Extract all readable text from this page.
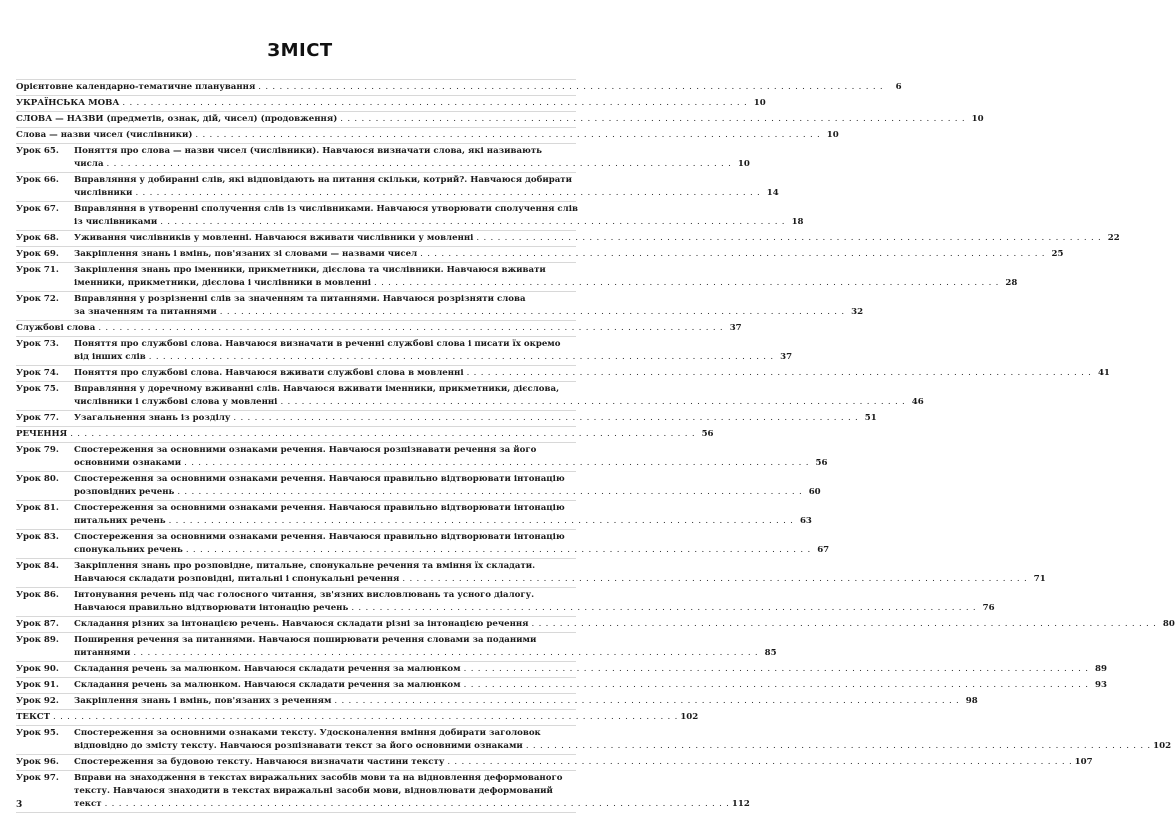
ЗМІСТ
Орієнтовне календарно-тематичне планування . . .	6
УКРАЇНСЬКА МОВА . . .	10
СЛОВА — НАЗВИ (предметів, ознак, дій, чисел) (продовження) . . .	10
Слова — назви чисел (числівники) . . .	10
Урок 65.	Поняття про слова — назви чисел (числівники). Навчаюся визначати слова, які називають
числа . . .	10
Урок 66.	Вправляння у добиранні слів, які відповідають на питання скільки, котрий?. Навчаюся добирати
числівники . . .	14
Урок 67.	Вправляння в утворенні сполучення слів із числівниками. Навчаюся утворювати сполучення слів
із числівниками . . .	18
Урок 68.	Уживання числівників у мовленні. Навчаюся вживати числівники у мовленні . . .	22
Урок 69.	Закріплення знань і вмінь, пов'язаних зі словами — назвами чисел . . .	25
Урок 71.	Закріплення знань про іменники, прикметники, дієслова та числівники. Навчаюся вживати
іменники, прикметники, дієслова і числівники в мовленні . . .	28
Урок 72.	Вправляння у розрізненні слів за значенням та питаннями. Навчаюся розрізняти слова
за значенням та питаннями . . .	32
Службові слова . . .	37
Урок 73.	Поняття про службові слова. Навчаюся визначати в реченні службові слова і писати їх окремо
від інших слів . . .	37
Урок 74.	Поняття про службові слова. Навчаюся вживати службові слова в мовленні . . .	41
Урок 75.	Вправляння у доречному вживанні слів. Навчаюся вживати іменники, прикметники, дієслова,
числівники і службові слова у мовленні . . .	46
Урок 77.	Узагальнення знань із розділу . . .	51
РЕЧЕННЯ . . .	56
Урок 79.	Спостереження за основними ознаками речення. Навчаюся розпізнавати речення за його
основними ознаками . . .	56
Урок 80.	Спостереження за основними ознаками речення. Навчаюся правильно відтворювати інтонацію
розповідних речень . . .	60
Урок 81.	Спостереження за основними ознаками речення. Навчаюся правильно відтворювати інтонацію
питальних речень . . .	63
Урок 83.	Спостереження за основними ознаками речення. Навчаюся правильно відтворювати інтонацію
спонукальних речень . . .	67
Урок 84.	Закріплення знань про розповідне, питальне, спонукальне речення та вміння їх складати.
Навчаюся складати розповідні, питальні і спонукальні речення . . .	71
Урок 86.	Інтонування речень під час голосного читання, зв'язних висловлювань та усного діалогу.
Навчаюся правильно відтворювати інтонацію речень . . .	76
Урок 87.	Складання різних за інтонацією речень. Навчаюся складати різні за інтонацією речення . . .	80
Урок 89.	Поширення речення за питаннями. Навчаюся поширювати речення словами за поданими
питаннями . . .	85
Урок 90.	Складання речень за малюнком. Навчаюся складати речення за малюнком . . .	89
Урок 91.	Складання речень за малюнком. Навчаюся складати речення за малюнком . . .	93
Урок 92.	Закріплення знань і вмінь, пов'язаних з реченням . . .	98
ТЕКСТ . . .	102
Урок 95.	Спостереження за основними ознаками тексту. Удосконалення вміння добирати заголовок
відповідно до змісту тексту. Навчаюся розпізнавати текст за його основними ознаками . . .	102
Урок 96.	Спостереження за будовою тексту. Навчаюся визначати частини тексту . . .	107
Урок 97.	Вправи на знаходження в текстах виражальних засобів мови та на відновлення деформованого
тексту. Навчаюся знаходити в текстах виражальні засоби мови, відновлювати деформований
текст . . .	112
3
